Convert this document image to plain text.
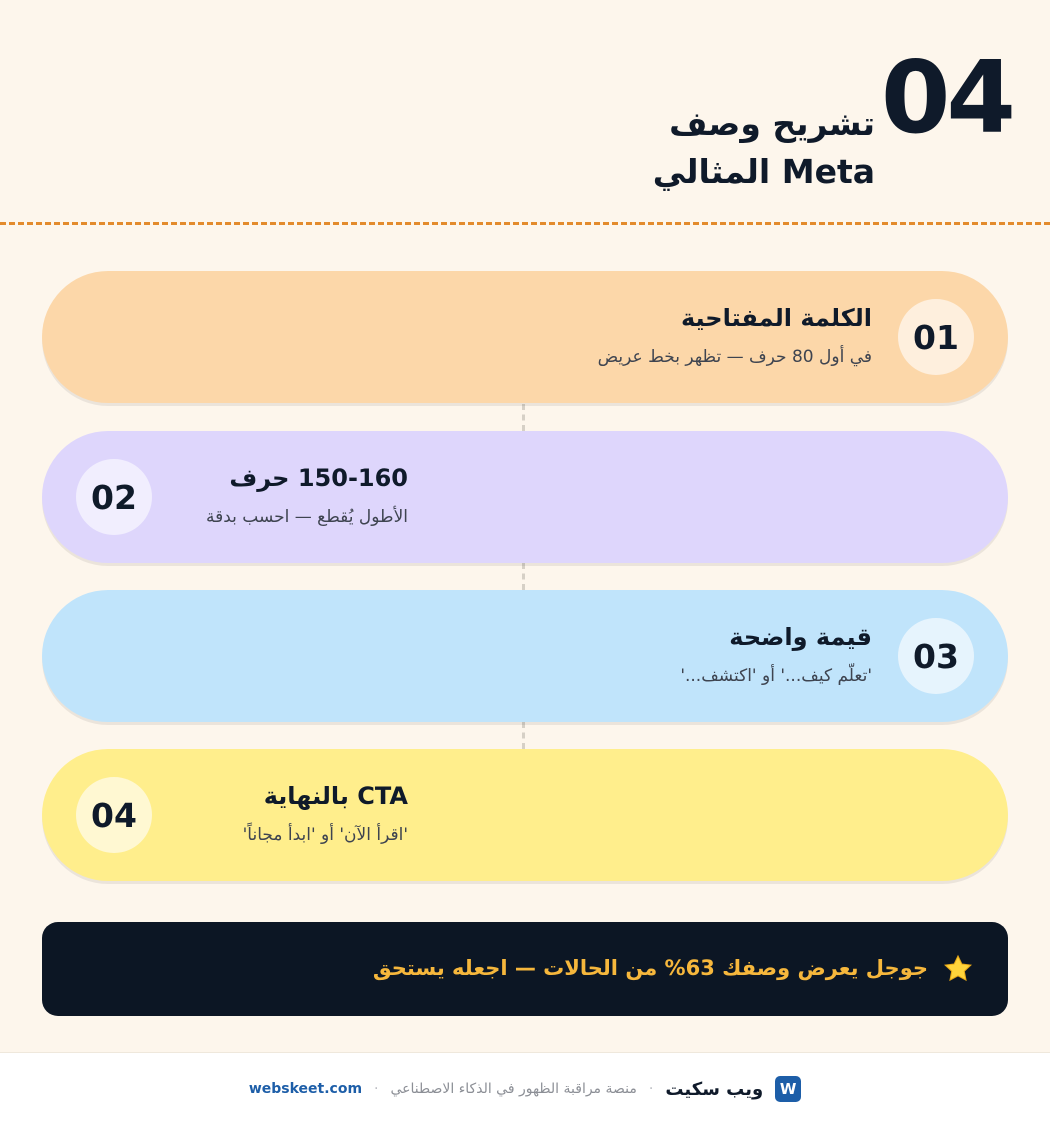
04
تشريح وصف
Meta المثالي
01
الكلمة المفتاحية
في أول 80 حرف — تظهر بخط عريض
02	150-160 حرف
الأطول يُقطع — احسب بدقة
03
قيمة واضحة
'تعلّم كيف...' أو 'اكتشف...'
04	CTA بالنهاية
'اقرأ الآن' أو 'ابدأ مجاناً'
جوجل يعرض وصفك 63% من الحالات — اجعله يستحق
W
ويب سكيت
·
منصة مراقبة الظهور في الذكاء الاصطناعي
·
webskeet.com
